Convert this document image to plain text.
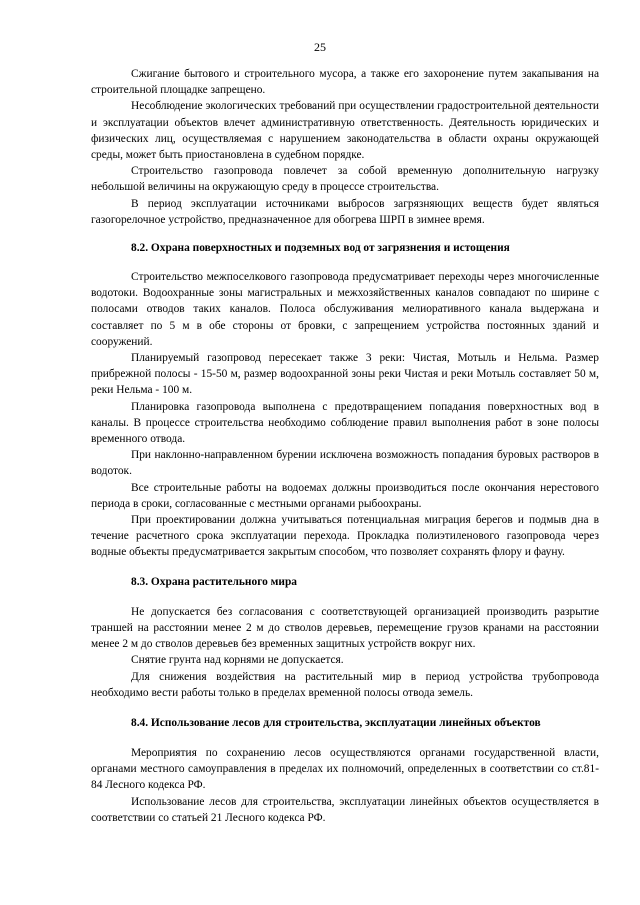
25

Сжигание бытового и строительного мусора, а также его захоронение путем закапывания на строительной площадке запрещено.

Несоблюдение экологических требований при осуществлении градостроительной деятельности и эксплуатации объектов влечет административную ответственность. Деятельность юридических и физических лиц, осуществляемая с нарушением законодательства в области охраны окружающей среды, может быть приостановлена в судебном порядке.

Строительство газопровода повлечет за собой временную дополнительную нагрузку небольшой величины на окружающую среду в процессе строительства.

В период эксплуатации источниками выбросов загрязняющих веществ будет являться газогорелочное устройство, предназначенное для обогрева ШРП в зимнее время.

8.2. Охрана поверхностных и подземных вод от загрязнения и истощения

Строительство межпоселкового газопровода предусматривает переходы через многочисленные водотоки. Водоохранные зоны магистральных и межхозяйственных каналов совпадают по ширине с полосами отводов таких каналов. Полоса обслуживания мелиоративного канала выдержана и составляет по 5 м в обе стороны от бровки, с запрещением устройства постоянных зданий и сооружений.

Планируемый газопровод пересекает также 3 реки: Чистая, Мотыль и Нельма. Размер прибрежной полосы - 15-50 м, размер водоохранной зоны реки Чистая и реки Мотыль составляет 50 м, реки Нельма - 100 м.

Планировка газопровода выполнена с предотвращением попадания поверхностных вод в каналы. В процессе строительства необходимо соблюдение правил выполнения работ в зоне полосы временного отвода.

При наклонно-направленном бурении исключена возможность попадания буровых растворов в водоток.

Все строительные работы на водоемах должны производиться после окончания нерестового периода в сроки, согласованные с местными органами рыбоохраны.

При проектировании должна учитываться потенциальная миграция берегов и подмыв дна в течение расчетного срока эксплуатации перехода. Прокладка полиэтиленового газопровода через водные объекты предусматривается закрытым способом, что позволяет сохранять флору и фауну.

8.3. Охрана растительного мира

Не допускается без согласования с соответствующей организацией производить разрытие траншей на расстоянии менее 2 м до стволов деревьев, перемещение грузов кранами на расстоянии менее 2 м до стволов деревьев без временных защитных устройств вокруг них.

Снятие грунта над корнями не допускается.

Для снижения воздействия на растительный мир в период устройства трубопровода необходимо вести работы только в пределах временной полосы отвода земель.

8.4. Использование лесов для строительства, эксплуатации линейных объектов

Мероприятия по сохранению лесов осуществляются органами государственной власти, органами местного самоуправления в пределах их полномочий, определенных в соответствии со ст.81-84 Лесного кодекса РФ.

Использование лесов для строительства, эксплуатации линейных объектов осуществляется в соответствии со статьей 21 Лесного кодекса РФ.
